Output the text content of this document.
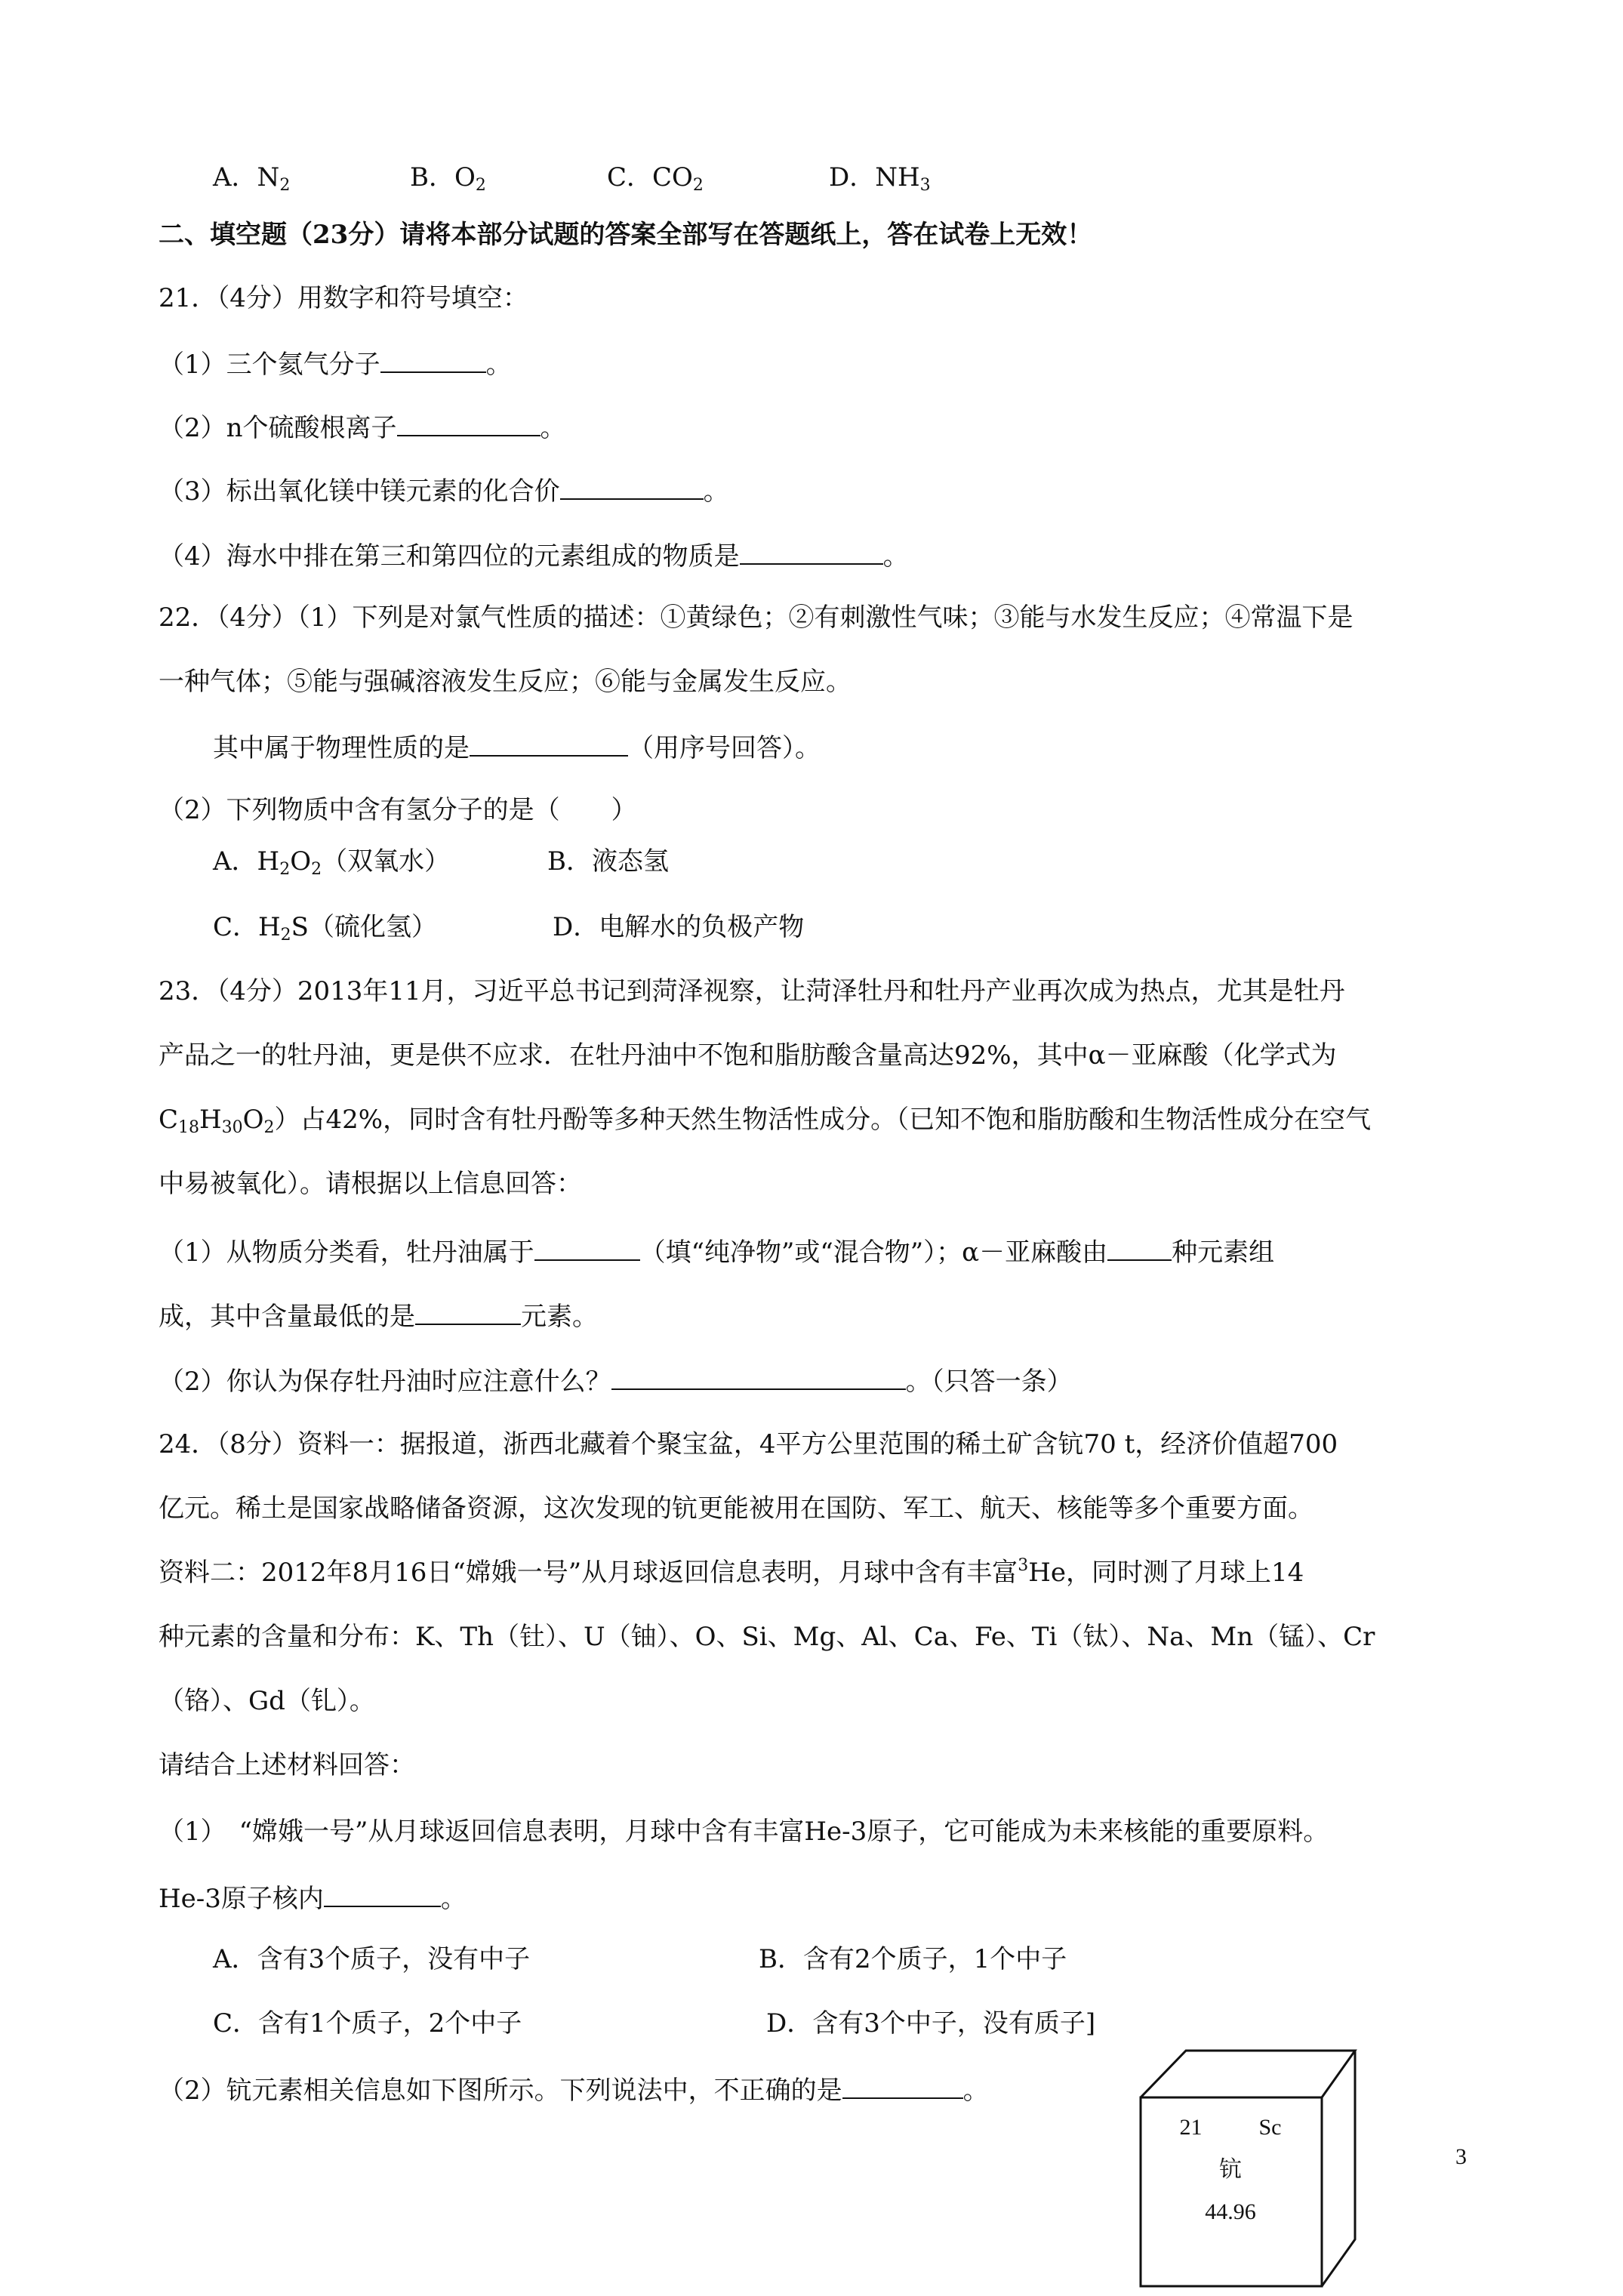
A．$N_2$	B．$O_2$	C．$CO_2$	D．$NH_3$
二、填空题（23分）请将本部分试题的答案全部写在答题纸上，答在试卷上无效！
21．（4分）用数字和符号填空：
（1）三个氦气分子	。
（2）n个硫酸根离子	。
（3）标出氧化镁中镁元素的化合价	。
（4）海水中排在第三和第四位的元素组成的物质是	。
22．（4分）（1）下列是对氯气性质的描述：①黄绿色；②有刺激性气味；③能与水发生反应；④常温下是
一种气体；⑤能与强碱溶液发生反应；⑥能与金属发生反应。
其中属于物理性质的是	（用序号回答）。
（2）下列物质中含有氢分子的是（　　）
A．$H_2O_2$（双氧水）	B．液态氢
C．$H_2S$（硫化氢）	D．电解水的负极产物
23．（4分）2013年11月，习近平总书记到菏泽视察，让菏泽牡丹和牡丹产业再次成为热点，尤其是牡丹
产品之一的牡丹油，更是供不应求．在牡丹油中不饱和脂肪酸含量高达92%，其中α－亚麻酸（化学式为
$C_{18}H_{30}O_2$）占42%，同时含有牡丹酚等多种天然生物活性成分。（已知不饱和脂肪酸和生物活性成分在空气
中易被氧化）。请根据以上信息回答：
（1）从物质分类看，牡丹油属于	（填“纯净物”或“混合物”）；α－亚麻酸由	种元素组
成，其中含量最低的是	元素。
（2）你认为保存牡丹油时应注意什么？	。（只答一条）
24．（8分）资料一：据报道，浙西北藏着个聚宝盆，4平方公里范围的稀土矿含钪70 t，经济价值超700
亿元。稀土是国家战略储备资源，这次发现的钪更能被用在国防、军工、航天、核能等多个重要方面。
资料二：2012年8月16日“嫦娥一号”从月球返回信息表明，月球中含有丰富$^3$He，同时测了月球上14
种元素的含量和分布：K、Th（钍）、U（铀）、O、Si、Mg、Al、Ca、Fe、Ti（钛）、Na、Mn（锰）、Cr
（铬）、Gd（钆）。
请结合上述材料回答：
（1）　“嫦娥一号”从月球返回信息表明，月球中含有丰富He-3原子，它可能成为未来核能的重要原料。
He-3原子核内	。
A．含有3个质子，没有中子	B．含有2个质子，1个中子
C．含有1个质子，2个中子	D．含有3个中子，没有质子]
（2）钪元素相关信息如下图所示。下列说法中，不正确的是	。
21	Sc
钪
44.96
3
